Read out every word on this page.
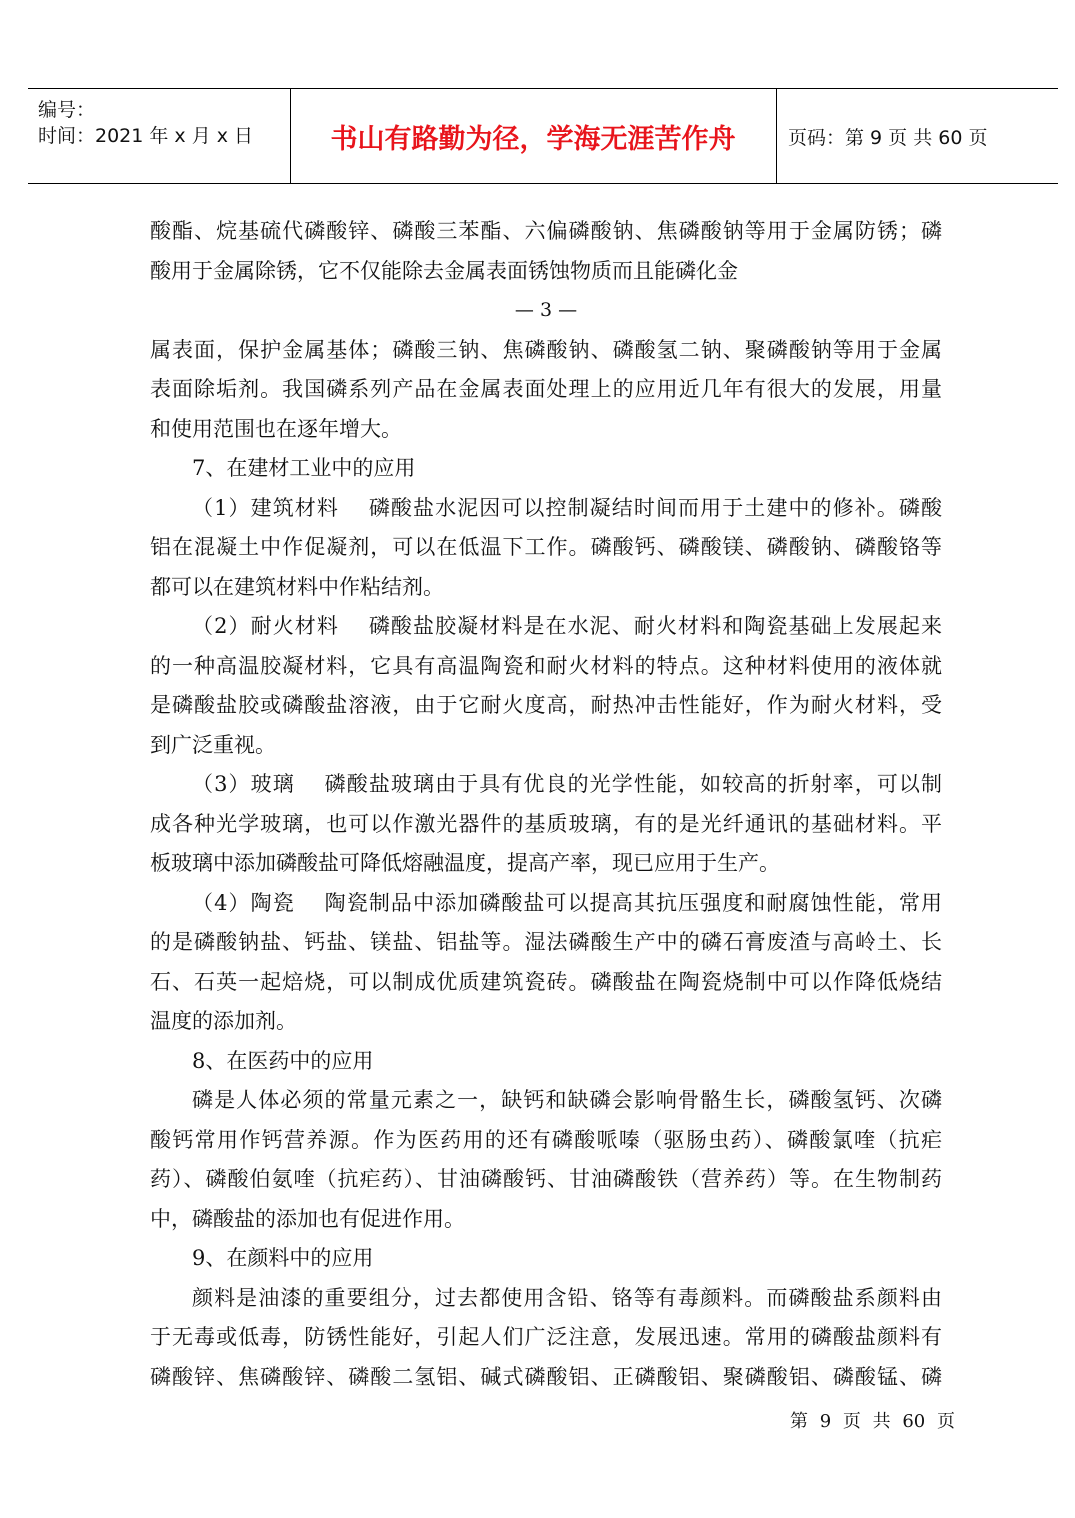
编号：
时间：2021 年 x 月 x 日	书山有路勤为径，学海无涯苦作舟	页码：第 9 页 共 60 页
酸酯、烷基硫代磷酸锌、磷酸三苯酯、六偏磷酸钠、焦磷酸钠等用于金属防锈；磷
酸用于金属除锈，它不仅能除去金属表面锈蚀物质而且能磷化金
— 3 —
属表面，保护金属基体；磷酸三钠、焦磷酸钠、磷酸氢二钠、聚磷酸钠等用于金属
表面除垢剂。我国磷系列产品在金属表面处理上的应用近几年有很大的发展，用量
和使用范围也在逐年增大。
7、在建材工业中的应用
（1）建筑材料　 磷酸盐水泥因可以控制凝结时间而用于土建中的修补。磷酸
铝在混凝土中作促凝剂，可以在低温下工作。磷酸钙、磷酸镁、磷酸钠、磷酸铬等
都可以在建筑材料中作粘结剂。
（2）耐火材料　 磷酸盐胶凝材料是在水泥、耐火材料和陶瓷基础上发展起来
的一种高温胶凝材料，它具有高温陶瓷和耐火材料的特点。这种材料使用的液体就
是磷酸盐胶或磷酸盐溶液，由于它耐火度高，耐热冲击性能好，作为耐火材料，受
到广泛重视。
（3）玻璃　 磷酸盐玻璃由于具有优良的光学性能，如较高的折射率，可以制
成各种光学玻璃，也可以作激光器件的基质玻璃，有的是光纤通讯的基础材料。平
板玻璃中添加磷酸盐可降低熔融温度，提高产率，现已应用于生产。
（4）陶瓷　 陶瓷制品中添加磷酸盐可以提高其抗压强度和耐腐蚀性能，常用
的是磷酸钠盐、钙盐、镁盐、铝盐等。湿法磷酸生产中的磷石膏废渣与高岭土、长
石、石英一起焙烧，可以制成优质建筑瓷砖。磷酸盐在陶瓷烧制中可以作降低烧结
温度的添加剂。
8、在医药中的应用
磷是人体必须的常量元素之一，缺钙和缺磷会影响骨骼生长，磷酸氢钙、次磷
酸钙常用作钙营养源。作为医药用的还有磷酸哌嗪（驱肠虫药）、磷酸氯喹（抗疟
药）、磷酸伯氨喹（抗疟药）、甘油磷酸钙、甘油磷酸铁（营养药）等。在生物制药
中，磷酸盐的添加也有促进作用。
9、在颜料中的应用
颜料是油漆的重要组分，过去都使用含铅、铬等有毒颜料。而磷酸盐系颜料由
于无毒或低毒，防锈性能好，引起人们广泛注意，发展迅速。常用的磷酸盐颜料有
磷酸锌、焦磷酸锌、磷酸二氢铝、碱式磷酸铝、正磷酸铝、聚磷酸铝、磷酸锰、磷
第 9 页 共 60 页
